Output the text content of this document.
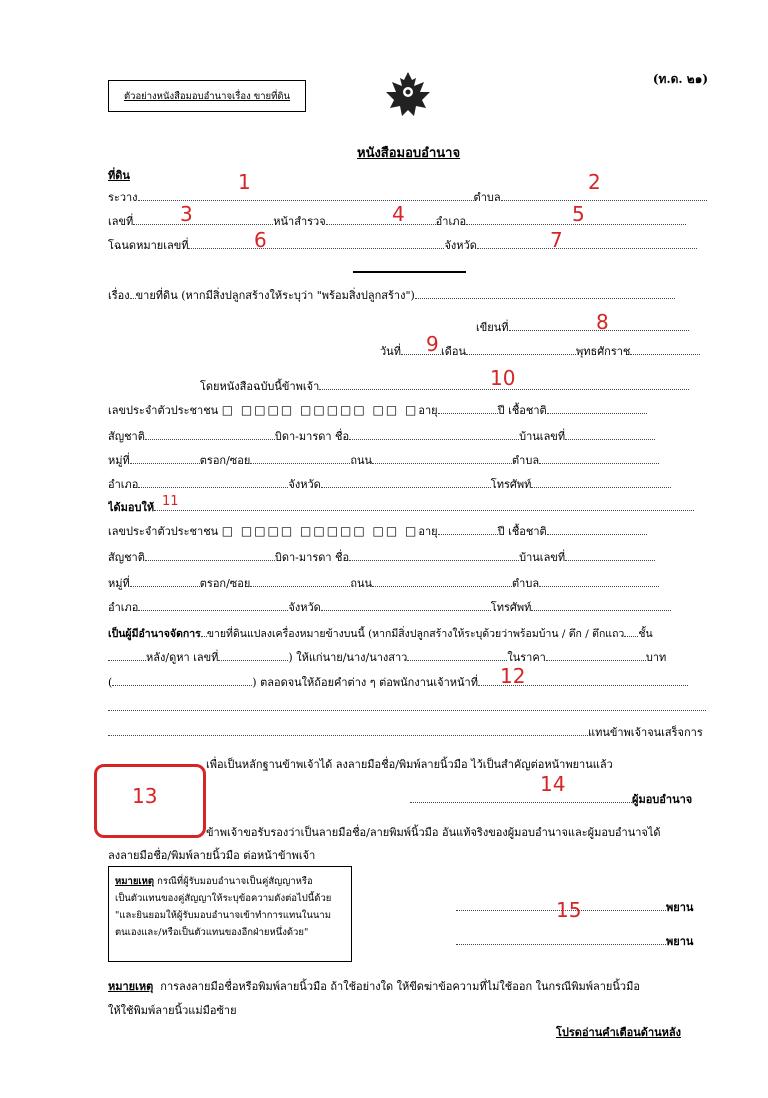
(ท.ด. ๒๑)
ตัวอย่างหนังสือมอบอำนาจเรื่อง ขายที่ดิน
หนังสือมอบอำนาจ
ที่ดิน
ระวาง	ตำบล
เลขที่	หน้าสำรวจ	อำเภอ
โฉนดหมายเลขที่	จังหวัด
เรื่อง ขายที่ดิน (หากมีสิ่งปลูกสร้างให้ระบุว่า "พร้อมสิ่งปลูกสร้าง")
เขียนที่
วันที่	เดือน	พุทธศักราช
โดยหนังสือฉบับนี้ข้าพเจ้า
เลขประจำตัวประชาชน □ □□□□ □□□□□ □□ □อายุ	ปี เชื้อชาติ
สัญชาติ	บิดา-มารดา ชื่อ	บ้านเลขที่
หมู่ที่	ตรอก/ซอย	ถนน	ตำบล
อำเภอ	จังหวัด	โทรศัพท์
ได้มอบให้
เลขประจำตัวประชาชน □ □□□□ □□□□□ □□ □อายุ	ปี เชื้อชาติ
สัญชาติ	บิดา-มารดา ชื่อ	บ้านเลขที่
หมู่ที่	ตรอก/ซอย	ถนน	ตำบล
อำเภอ	จังหวัด	โทรศัพท์
เป็นผู้มีอำนาจจัดการ ขายที่ดินแปลงเครื่องหมายข้างบนนี้ (หากมีสิ่งปลูกสร้างให้ระบุด้วยว่าพร้อมบ้าน / ตึก / ตึกแถว ชั้น
หลัง/ดูหา เลขที่	) ให้แก่นาย/นาง/นางสาว	ในราคา	บาท
(	) ตลอดจนให้ถ้อยคำต่าง ๆ ต่อพนักงานเจ้าหน้าที่
แทนข้าพเจ้าจนเสร็จการ
เพื่อเป็นหลักฐานข้าพเจ้าได้ ลงลายมือชื่อ/พิมพ์ลายนิ้วมือ ไว้เป็นสำคัญต่อหน้าพยานแล้ว
ผู้มอบอำนาจ
ข้าพเจ้าขอรับรองว่าเป็นลายมือชื่อ/ลายพิมพ์นิ้วมือ อันแท้จริงของผู้มอบอำนาจและผู้มอบอำนาจได้
ลงลายมือชื่อ/พิมพ์ลายนิ้วมือ ต่อหน้าข้าพเจ้า
หมายเหตุ กรณีที่ผู้รับมอบอำนาจเป็นคู่สัญญาหรือ
เป็นตัวแทนของคู่สัญญาให้ระบุข้อความดังต่อไปนี้ด้วย
"และยินยอมให้ผู้รับมอบอำนาจเข้าทำการแทนในนาม
ตนเองและ/หรือเป็นตัวแทนของอีกฝ่ายหนึ่งด้วย"
พยาน
พยาน
หมายเหตุ การลงลายมือชื่อหรือพิมพ์ลายนิ้วมือ ถ้าใช้อย่างใด ให้ขีดฆ่าข้อความที่ไม่ใช้ออก ในกรณีพิมพ์ลายนิ้วมือ
ให้ใช้พิมพ์ลายนิ้วแม่มือซ้าย
โปรดอ่านคำเตือนด้านหลัง
1	2
3	4	5
6	7
8
9
10
11
12
13	14
15
